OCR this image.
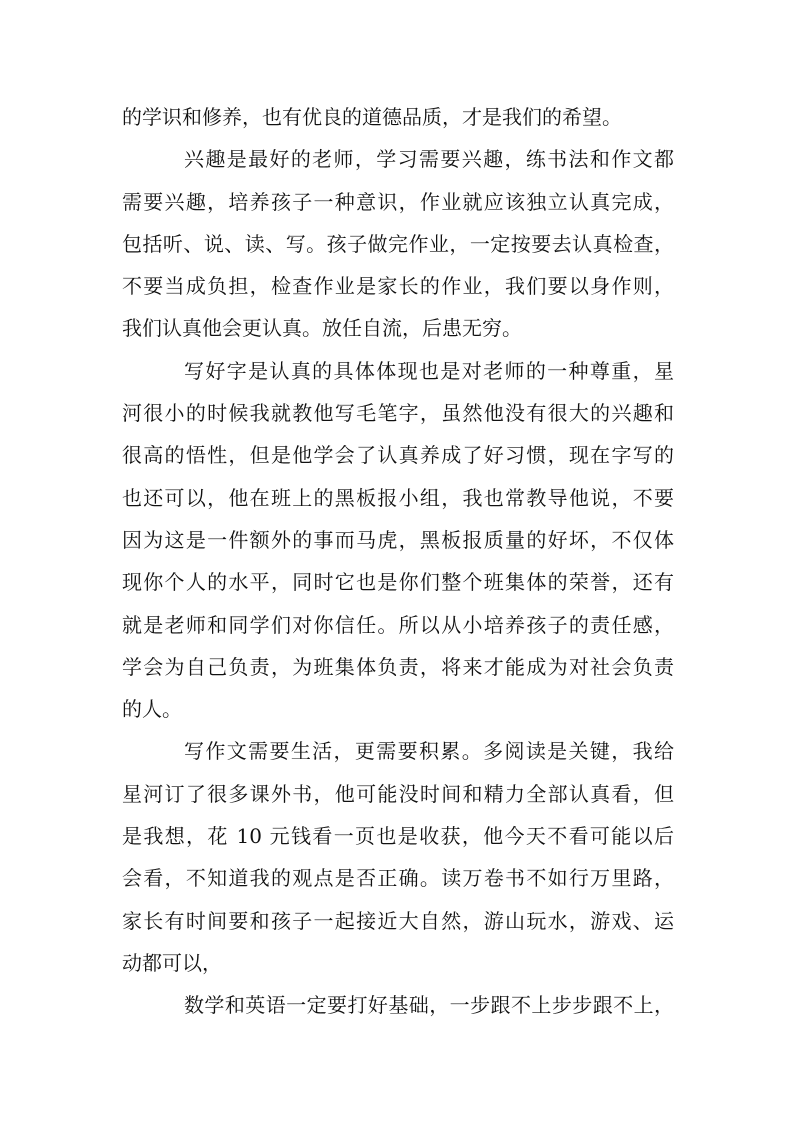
的学识和修养，也有优良的道德品质，才是我们的希望。
兴趣是最好的老师，学习需要兴趣，练书法和作文都
需要兴趣，培养孩子一种意识，作业就应该独立认真完成，
包括听、说、读、写。孩子做完作业，一定按要去认真检查，
不要当成负担，检查作业是家长的作业，我们要以身作则，
我们认真他会更认真。放任自流，后患无穷。
写好字是认真的具体体现也是对老师的一种尊重，星
河很小的时候我就教他写毛笔字，虽然他没有很大的兴趣和
很高的悟性，但是他学会了认真养成了好习惯，现在字写的
也还可以，他在班上的黑板报小组，我也常教导他说，不要
因为这是一件额外的事而马虎，黑板报质量的好坏，不仅体
现你个人的水平，同时它也是你们整个班集体的荣誉，还有
就是老师和同学们对你信任。所以从小培养孩子的责任感，
学会为自己负责，为班集体负责，将来才能成为对社会负责
的人。
写作文需要生活，更需要积累。多阅读是关键，我给
星河订了很多课外书，他可能没时间和精力全部认真看，但
是我想，花 10 元钱看一页也是收获，他今天不看可能以后
会看，不知道我的观点是否正确。读万卷书不如行万里路，
家长有时间要和孩子一起接近大自然，游山玩水，游戏、运
动都可以，
数学和英语一定要打好基础，一步跟不上步步跟不上，
